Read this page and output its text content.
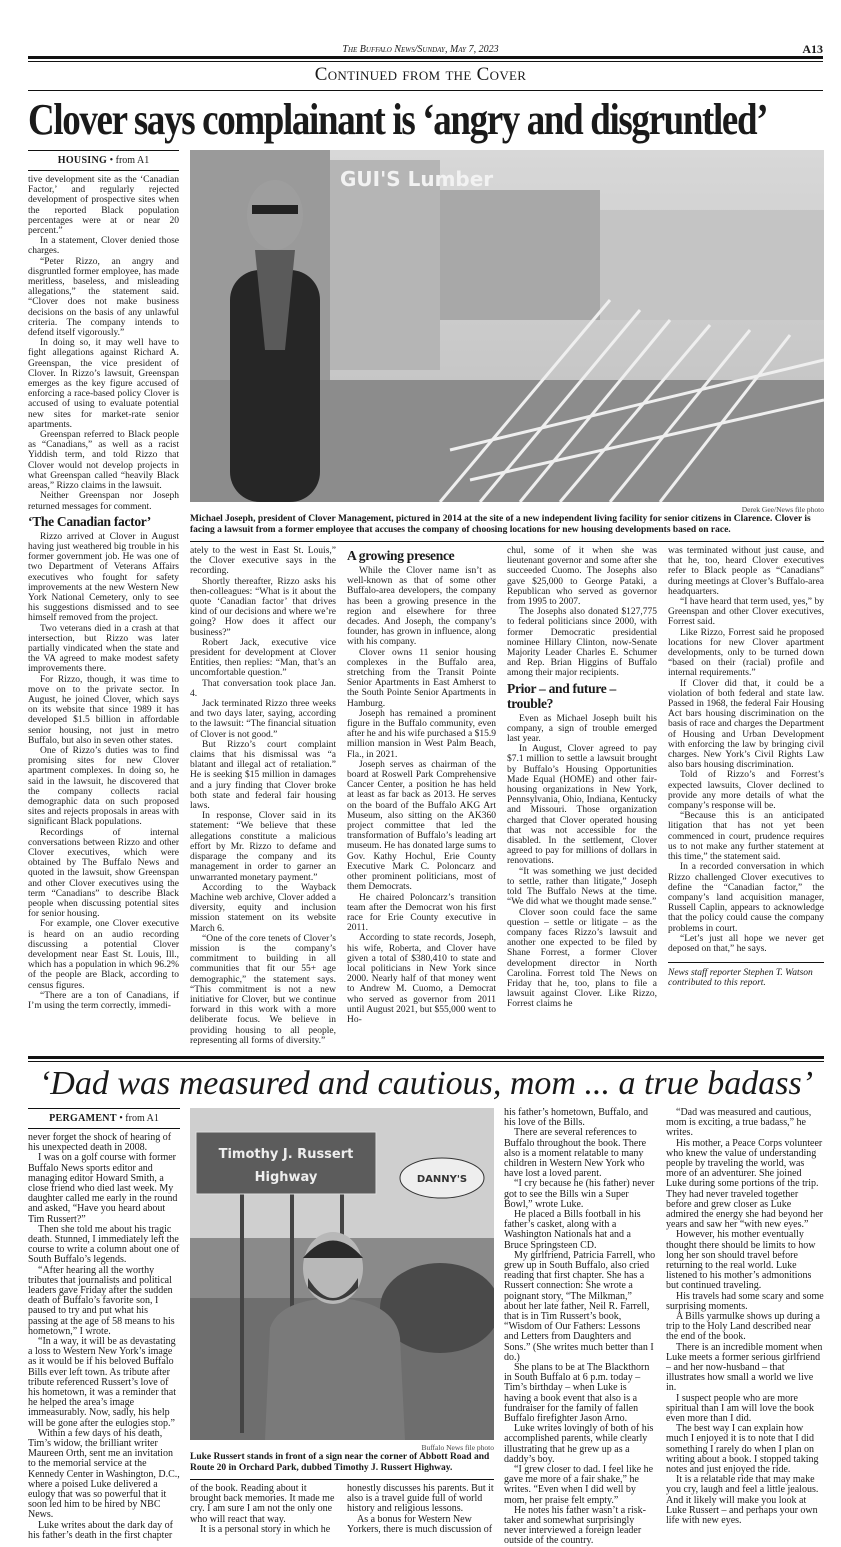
The Buffalo News/Sunday, May 7, 2023	A13
Continued from the Cover
Clover says complainant is ‘angry and disgruntled’
HOUSING • from A1

tive development site as the ‘Canadian Factor,’ and regularly rejected development of prospective sites when the reported Black population percentages were at or near 20 percent.”

In a statement, Clover denied those charges.

“Peter Rizzo, an angry and disgruntled former employee, has made meritless, baseless, and misleading allegations,” the statement said. “Clover does not make business decisions on the basis of any unlawful criteria. The company intends to defend itself vigorously.”

In doing so, it may well have to fight allegations against Richard A. Greenspan, the vice president of Clover. In Rizzo’s lawsuit, Greenspan emerges as the key figure accused of enforcing a race-based policy Clover is accused of using to evaluate potential new sites for market-rate senior apartments.

Greenspan referred to Black people as “Canadians,” as well as a racist Yiddish term, and told Rizzo that Clover would not develop projects in what Greenspan called “heavily Black areas,” Rizzo claims in the lawsuit.

Neither Greenspan nor Joseph returned messages for comment.

‘The Canadian factor’

Rizzo arrived at Clover in August having just weathered big trouble in his former government job. He was one of two Department of Veterans Affairs executives who fought for safety improvements at the new Western New York National Cemetery, only to see his suggestions dismissed and to see himself removed from the project.

Two veterans died in a crash at that intersection, but Rizzo was later partially vindicated when the state and the VA agreed to make modest safety improvements there.

For Rizzo, though, it was time to move on to the private sector. In August, he joined Clover, which says on its website that since 1989 it has developed $1.5 billion in affordable senior housing, not just in metro Buffalo, but also in seven other states.

One of Rizzo’s duties was to find promising sites for new Clover apartment complexes. In doing so, he said in the lawsuit, he discovered that the company collects racial demographic data on such proposed sites and rejects proposals in areas with significant Black populations.

Recordings of internal conversations between Rizzo and other Clover executives, which were obtained by The Buffalo News and quoted in the lawsuit, show Greenspan and other Clover executives using the term “Canadians” to describe Black people when discussing potential sites for senior housing.

For example, one Clover executive is heard on an audio recording discussing a potential Clover development near East St. Louis, Ill., which has a population in which 96.2% of the people are Black, according to census figures.

“There are a ton of Canadians, if I’m using the term correctly, immedi-

GUI'S Lumber
Derek Gee/News file photo
Michael Joseph, president of Clover Management, pictured in 2014 at the site of a new independent living facility for senior citizens in Clarence. Clover is facing a lawsuit from a former employee that accuses the company of choosing locations for new housing developments based on race.

ately to the west in East St. Louis,” the Clover executive says in the recording.

Shortly thereafter, Rizzo asks his then-colleagues: “What is it about the quote ‘Canadian factor’ that drives kind of our decisions and where we’re going? How does it affect our business?”

Robert Jack, executive vice president for development at Clover Entities, then replies: “Man, that’s an uncomfortable question.”

That conversation took place Jan. 4.

Jack terminated Rizzo three weeks and two days later, saying, according to the lawsuit: “The financial situation of Clover is not good.”

But Rizzo’s court complaint claims that his dismissal was “a blatant and illegal act of retaliation.” He is seeking $15 million in damages and a jury finding that Clover broke both state and federal fair housing laws.

In response, Clover said in its statement: “We believe that these allegations constitute a malicious effort by Mr. Rizzo to defame and disparage the company and its management in order to garner an unwarranted monetary payment.”

According to the Wayback Machine web archive, Clover added a diversity, equity and inclusion mission statement on its website March 6.

“One of the core tenets of Clover’s mission is the company’s commitment to building in all communities that fit our 55+ age demographic,” the statement says. “This commitment is not a new initiative for Clover, but we continue forward in this work with a more deliberate focus. We believe in providing housing to all people, representing all forms of diversity.”

A growing presence

While the Clover name isn’t as well-known as that of some other Buffalo-area developers, the company has been a growing presence in the region and elsewhere for three decades. And Joseph, the company’s founder, has grown in influence, along with his company.

Clover owns 11 senior housing complexes in the Buffalo area, stretching from the Transit Pointe Senior Apartments in East Amherst to the South Pointe Senior Apartments in Hamburg.

Joseph has remained a prominent figure in the Buffalo community, even after he and his wife purchased a $15.9 million mansion in West Palm Beach, Fla., in 2021.

Joseph serves as chairman of the board at Roswell Park Comprehensive Cancer Center, a position he has held at least as far back as 2013. He serves on the board of the Buffalo AKG Art Museum, also sitting on the AK360 project committee that led the transformation of Buffalo’s leading art museum. He has donated large sums to Gov. Kathy Hochul, Erie County Executive Mark C. Poloncarz and other prominent politicians, most of them Democrats.

He chaired Poloncarz’s transition team after the Democrat won his first race for Erie County executive in 2011.

According to state records, Joseph, his wife, Roberta, and Clover have given a total of $380,410 to state and local politicians in New York since 2000. Nearly half of that money went to Andrew M. Cuomo, a Democrat who served as governor from 2011 until August 2021, but $55,000 went to Ho-

chul, some of it when she was lieutenant governor and some after she succeeded Cuomo. The Josephs also gave $25,000 to George Pataki, a Republican who served as governor from 1995 to 2007.

The Josephs also donated $127,775 to federal politicians since 2000, with former Democratic presidential nominee Hillary Clinton, now-Senate Majority Leader Charles E. Schumer and Rep. Brian Higgins of Buffalo among their major recipients.

Prior – and future – trouble?

Even as Michael Joseph built his company, a sign of trouble emerged last year.

In August, Clover agreed to pay $7.1 million to settle a lawsuit brought by Buffalo’s Housing Opportunities Made Equal (HOME) and other fair-housing organizations in New York, Pennsylvania, Ohio, Indiana, Kentucky and Missouri. Those organization charged that Clover operated housing that was not accessible for the disabled. In the settlement, Clover agreed to pay for millions of dollars in renovations.

“It was something we just decided to settle, rather than litigate,” Joseph told The Buffalo News at the time. “We did what we thought made sense.”

Clover soon could face the same question – settle or litigate – as the company faces Rizzo’s lawsuit and another one expected to be filed by Shane Forrest, a former Clover development director in North Carolina. Forrest told The News on Friday that he, too, plans to file a lawsuit against Clover. Like Rizzo, Forrest claims he

was terminated without just cause, and that he, too, heard Clover executives refer to Black people as “Canadians” during meetings at Clover’s Buffalo-area headquarters.

“I have heard that term used, yes,” by Greenspan and other Clover executives, Forrest said.

Like Rizzo, Forrest said he proposed locations for new Clover apartment developments, only to be turned down “based on their (racial) profile and internal requirements.”

If Clover did that, it could be a violation of both federal and state law. Passed in 1968, the federal Fair Housing Act bars housing discrimination on the basis of race and charges the Department of Housing and Urban Development with enforcing the law by bringing civil charges. New York’s Civil Rights Law also bars housing discrimination.

Told of Rizzo’s and Forrest’s expected lawsuits, Clover declined to provide any more details of what the company’s response will be.

“Because this is an anticipated litigation that has not yet been commenced in court, prudence requires us to not make any further statement at this time,” the statement said.

In a recorded conversation in which Rizzo challenged Clover executives to define the “Canadian factor,” the company’s land acquisition manager, Russell Caplin, appears to acknowledge that the policy could cause the company problems in court.

“Let’s just all hope we never get deposed on that,” he says.

News staff reporter Stephen T. Watson contributed to this report.

‘Dad was measured and cautious, mom ... a true badass’
PERGAMENT • from A1

never forget the shock of hearing of his unexpected death in 2008.

I was on a golf course with former Buffalo News sports editor and managing editor Howard Smith, a close friend who died last week. My daughter called me early in the round and asked, “Have you heard about Tim Russert?”

Then she told me about his tragic death. Stunned, I immediately left the course to write a column about one of South Buffalo’s legends.

“After hearing all the worthy tributes that journalists and political leaders gave Friday after the sudden death of Buffalo’s favorite son, I paused to try and put what his passing at the age of 58 means to his hometown,” I wrote.

“In a way, it will be as devastating a loss to Western New York’s image as it would be if his beloved Buffalo Bills ever left town. As tribute after tribute referenced Russert’s love of his hometown, it was a reminder that he helped the area’s image immeasurably. Now, sadly, his help will be gone after the eulogies stop.”

Within a few days of his death, Tim’s widow, the brilliant writer Maureen Orth, sent me an invitation to the memorial service at the Kennedy Center in Washington, D.C., where a poised Luke delivered a eulogy that was so powerful that it soon led him to be hired by NBC News.

Luke writes about the dark day of his father’s death in the first chapter

Timothy J. Russert
Highway	DANNY'S
Buffalo News file photo
Luke Russert stands in front of a sign near the corner of Abbott Road and Route 20 in Orchard Park, dubbed Timothy J. Russert Highway.

of the book. Reading about it brought back memories. It made me cry. I am sure I am not the only one who will react that way.

It is a personal story in which he

honestly discusses his parents. But it also is a travel guide full of world history and religious lessons.

As a bonus for Western New Yorkers, there is much discussion of

his father’s hometown, Buffalo, and his love of the Bills.

There are several references to Buffalo throughout the book. There also is a moment relatable to many children in Western New York who have lost a loved parent.

“I cry because he (his father) never got to see the Bills win a Super Bowl,” wrote Luke.

He placed a Bills football in his father’s casket, along with a Washington Nationals hat and a Bruce Springsteen CD.

My girlfriend, Patricia Farrell, who grew up in South Buffalo, also cried reading that first chapter. She has a Russert connection: She wrote a poignant story, “The Milkman,” about her late father, Neil R. Farrell, that is in Tim Russert’s book, “Wisdom of Our Fathers: Lessons and Letters from Daughters and Sons.” (She writes much better than I do.)

She plans to be at The Blackthorn in South Buffalo at 6 p.m. today – Tim’s birthday – when Luke is having a book event that also is a fundraiser for the family of fallen Buffalo firefighter Jason Arno.

Luke writes lovingly of both of his accomplished parents, while clearly illustrating that he grew up as a daddy’s boy.

“I grew closer to dad. I feel like he gave me more of a fair shake,” he writes. “Even when I did well by mom, her praise felt empty.”

He notes his father wasn’t a risk-taker and somewhat surprisingly never interviewed a foreign leader outside of the country.

“Dad was measured and cautious, mom is exciting, a true badass,” he writes.

His mother, a Peace Corps volunteer who knew the value of understanding people by traveling the world, was more of an adventurer. She joined Luke during some portions of the trip. They had never traveled together before and grew closer as Luke admired the energy she had beyond her years and saw her “with new eyes.”

However, his mother eventually thought there should be limits to how long her son should travel before returning to the real world. Luke listened to his mother’s admonitions but continued traveling.

His travels had some scary and some surprising moments.

A Bills yarmulke shows up during a trip to the Holy Land described near the end of the book.

There is an incredible moment when Luke meets a former serious girlfriend – and her now-husband – that illustrates how small a world we live in.

I suspect people who are more spiritual than I am will love the book even more than I did.

The best way I can explain how much I enjoyed it is to note that I did something I rarely do when I plan on writing about a book. I stopped taking notes and just enjoyed the ride.

It is a relatable ride that may make you cry, laugh and feel a little jealous. And it likely will make you look at Luke Russert – and perhaps your own life with new eyes.
